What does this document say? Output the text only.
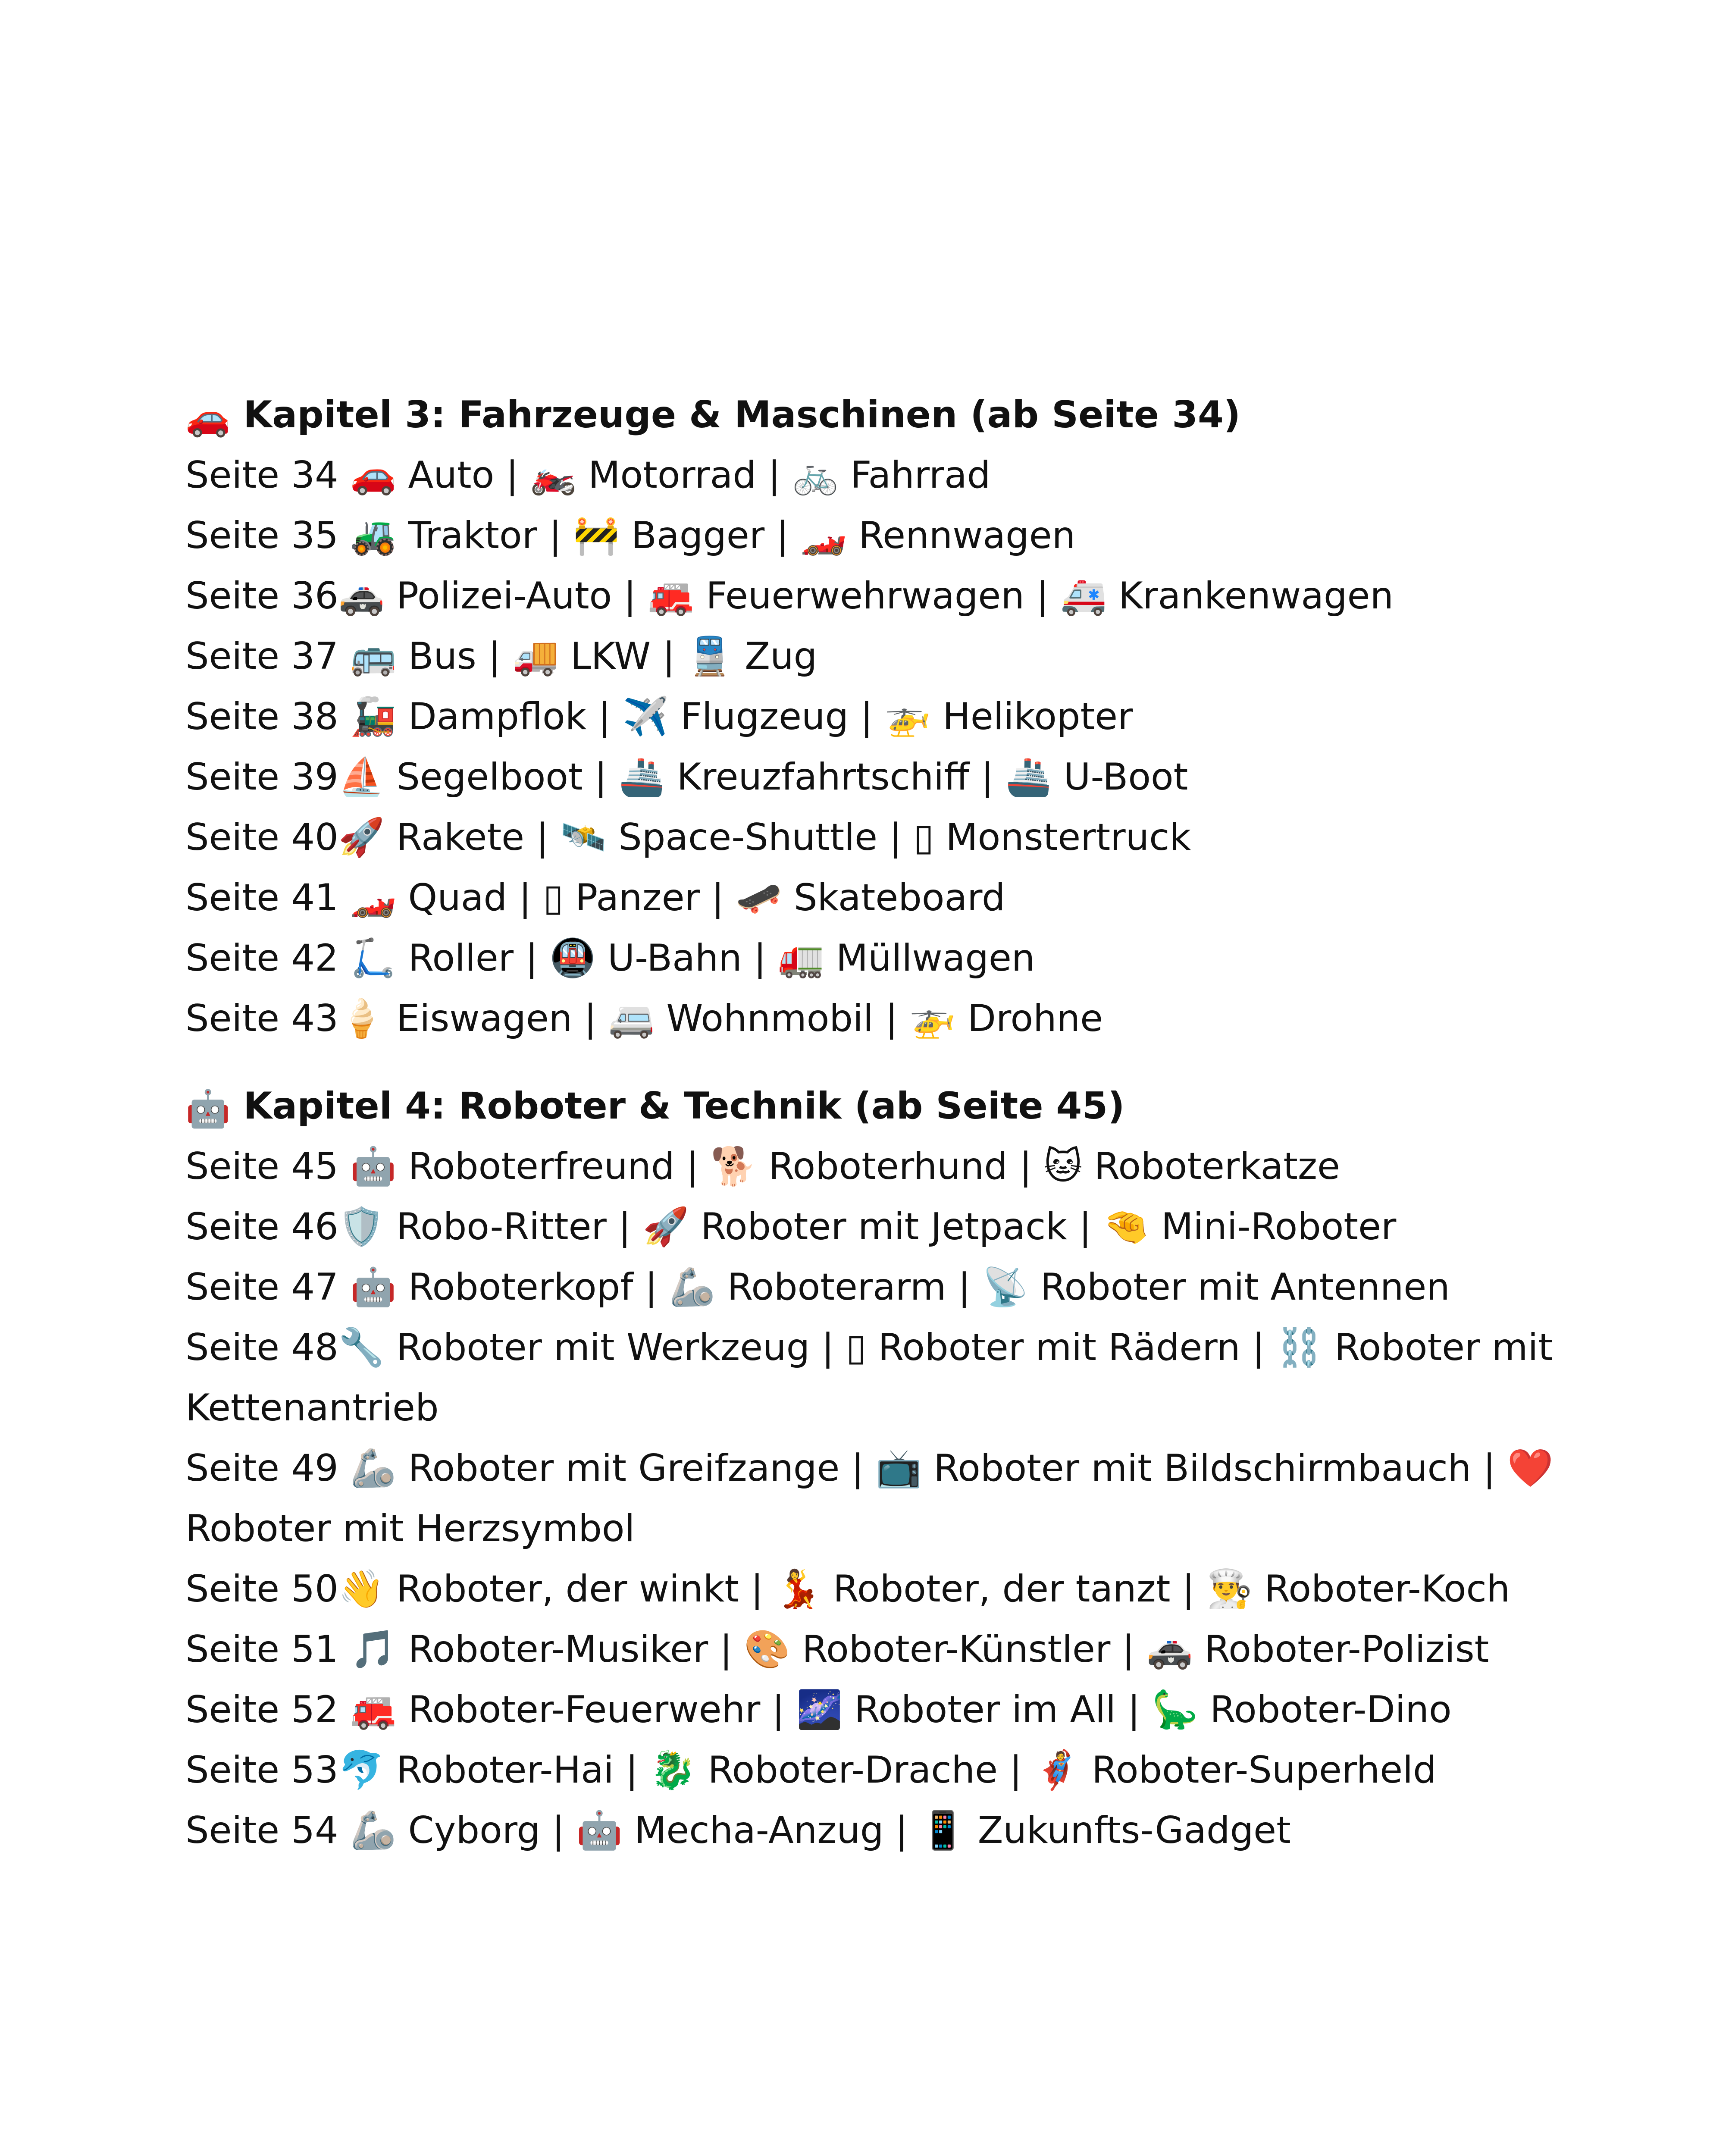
🚗 Kapitel 3: Fahrzeuge & Maschinen (ab Seite 34)
Seite 34 🚗 Auto | 🏍️ Motorrad | 🚲 Fahrrad
Seite 35 🚜 Traktor | 🚧 Bagger | 🏎️ Rennwagen
Seite 36🚓 Polizei-Auto | 🚒 Feuerwehrwagen | 🚑 Krankenwagen
Seite 37 🚌 Bus | 🚚 LKW | 🚆 Zug
Seite 38 🚂 Dampflok | ✈️ Flugzeug | 🚁 Helikopter
Seite 39⛵ Segelboot | 🚢 Kreuzfahrtschiff | 🚢 U-Boot
Seite 40🚀 Rakete | 🛰️ Space-Shuttle | ▯ Monstertruck
Seite 41 🏎️ Quad | ▯ Panzer | 🛹 Skateboard
Seite 42 🛴 Roller | 🚇 U-Bahn | 🚛 Müllwagen
Seite 43🍦 Eiswagen | 🚐 Wohnmobil | 🚁 Drohne
🤖 Kapitel 4: Roboter & Technik (ab Seite 45)
Seite 45 🤖 Roboterfreund | 🐕 Roboterhund | 🐱 Roboterkatze
Seite 46🛡️ Robo-Ritter | 🚀 Roboter mit Jetpack | 🤏 Mini-Roboter
Seite 47 🤖 Roboterkopf | 🦾 Roboterarm | 📡 Roboter mit Antennen
Seite 48🔧 Roboter mit Werkzeug | ▯ Roboter mit Rädern | ⛓️ Roboter mit Kettenantrieb
Seite 49 🦾 Roboter mit Greifzange | 📺 Roboter mit Bildschirmbauch | ❤️ Roboter mit Herzsymbol
Seite 50👋 Roboter, der winkt | 💃 Roboter, der tanzt | 👨‍🍳 Roboter-Koch
Seite 51 🎵 Roboter-Musiker | 🎨 Roboter-Künstler | 🚓 Roboter-Polizist
Seite 52 🚒 Roboter-Feuerwehr | 🌌 Roboter im All | 🦕 Roboter-Dino
Seite 53🐬 Roboter-Hai | 🐉 Roboter-Drache | 🦸 Roboter-Superheld
Seite 54 🦾 Cyborg | 🤖 Mecha-Anzug | 📱 Zukunfts-Gadget
